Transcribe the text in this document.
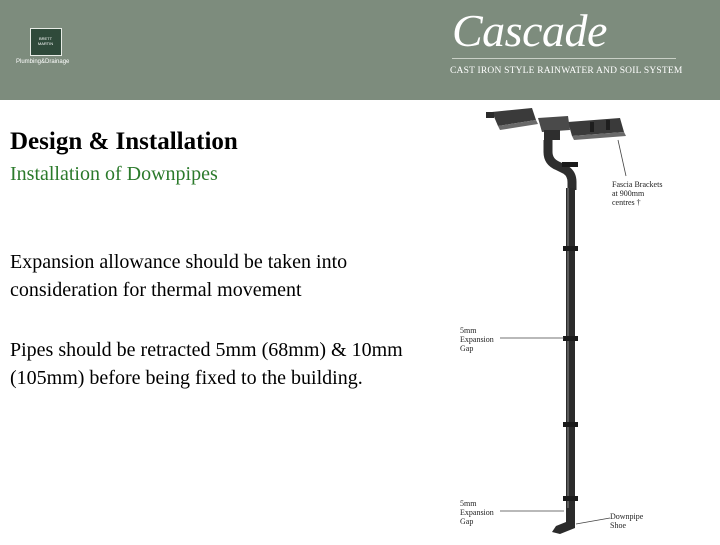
BRETT MARTIN
Plumbing&Drainage
Cascade
CAST IRON STYLE RAINWATER AND SOIL SYSTEM
Design & Installation
Installation of Downpipes
Expansion allowance should be taken into consideration for thermal movement
Pipes should be retracted 5mm (68mm) & 10mm (105mm) before being fixed to the building.
Fascia Brackets
at 900mm
centres †
5mm
Expansion
Gap
5mm
Expansion
Gap
Downpipe
Shoe
